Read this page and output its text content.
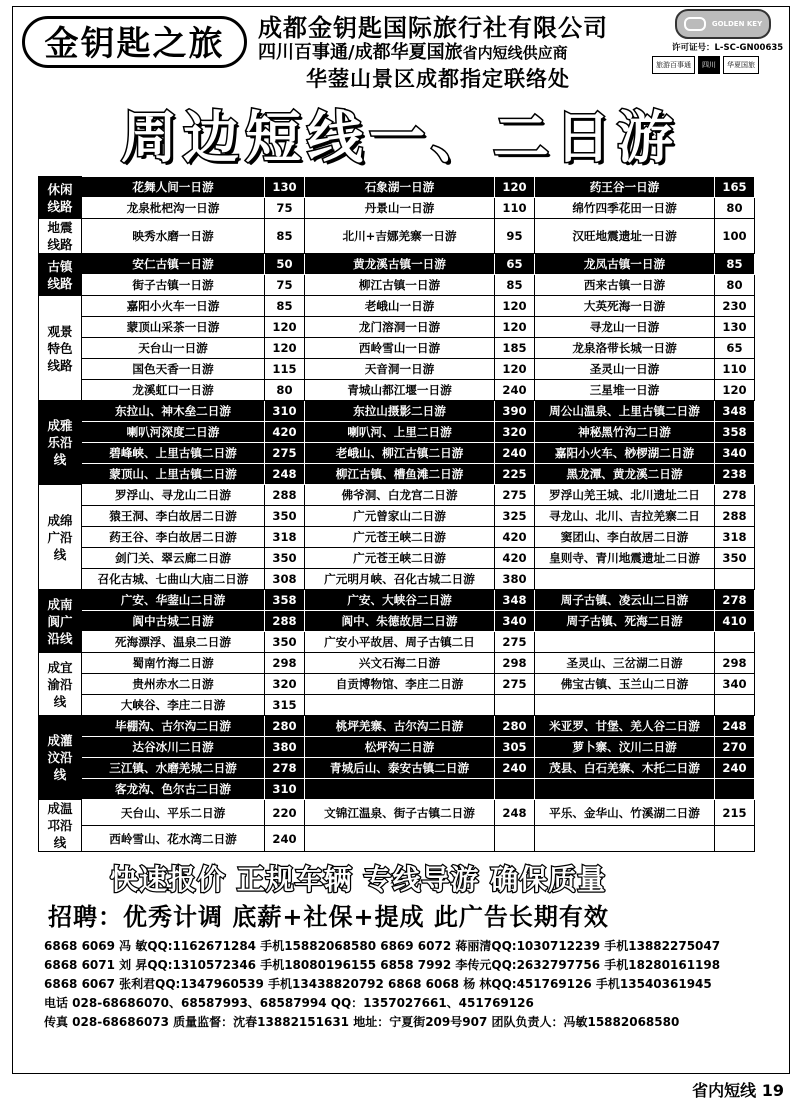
金钥匙之旅	成都金钥匙国际旅行社有限公司
四川百事通/成都华夏国旅省内短线供应商
华蓥山景区成都指定联络处
GOLDEN KEY
许可证号：L-SC-GN00635
旅游百事通	四川	华夏国旅
周边短线一、二日游
休闲线路	花舞人间一日游	130	石象湖一日游	120	药王谷一日游	165
	龙泉枇杷沟一日游	75	丹景山一日游	110	绵竹四季花田一日游	80
地震线路	映秀水磨一日游	85	北川+吉娜羌寨一日游	95	汉旺地震遗址一日游	100
古镇线路	安仁古镇一日游	50	黄龙溪古镇一日游	65	龙凤古镇一日游	85
	街子古镇一日游	75	柳江古镇一日游	85	西来古镇一日游	80
观景特色线路	嘉阳小火车一日游	85	老峨山一日游	120	大英死海一日游	230
	蒙顶山采茶一日游	120	龙门溶洞一日游	120	寻龙山一日游	130
	天台山一日游	120	西岭雪山一日游	185	龙泉洛带长城一日游	65
	国色天香一日游	115	天音洞一日游	120	圣灵山一日游	110
	龙溪虹口一日游	80	青城山都江堰一日游	240	三星堆一日游	120
成雅乐沿线	东拉山、神木垒二日游	310	东拉山摄影二日游	390	周公山温泉、上里古镇二日游	348
	喇叭河深度二日游	420	喇叭河、上里二日游	320	神秘黑竹沟二日游	358
	碧峰峡、上里古镇二日游	275	老峨山、柳江古镇二日游	240	嘉阳小火车、桫椤湖二日游	340
	蒙顶山、上里古镇二日游	248	柳江古镇、槽鱼滩二日游	225	黑龙潭、黄龙溪二日游	238
成绵广沿线	罗浮山、寻龙山二日游	288	佛爷洞、白龙宫二日游	275	罗浮山羌王城、北川遗址二日	278
	猿王洞、李白故居二日游	350	广元曾家山二日游	325	寻龙山、北川、吉拉羌寨二日	288
	药王谷、李白故居二日游	318	广元苍王峡二日游	420	窦团山、李白故居二日游	318
	剑门关、翠云廊二日游	350	广元苍王峡二日游	420	皇则寺、青川地震遗址二日游	350
	召化古城、七曲山大庙二日游	308	广元明月峡、召化古城二日游	380		
成南阆广沿线	广安、华蓥山二日游	358	广安、大峡谷二日游	348	周子古镇、凌云山二日游	278
	阆中古城二日游	288	阆中、朱德故居二日游	340	周子古镇、死海二日游	410
	死海漂浮、温泉二日游	350	广安小平故居、周子古镇二日	275		
成宜渝沿线	蜀南竹海二日游	298	兴文石海二日游	298	圣灵山、三岔湖二日游	298
	贵州赤水二日游	320	自贡博物馆、李庄二日游	275	佛宝古镇、玉兰山二日游	340
	大峡谷、李庄二日游	315				
成灌汶沿线	毕棚沟、古尔沟二日游	280	桃坪羌寨、古尔沟二日游	280	米亚罗、甘堡、羌人谷二日游	248
	达谷冰川二日游	380	松坪沟二日游	305	萝卜寨、汶川二日游	270
	三江镇、水磨羌城二日游	278	青城后山、泰安古镇二日游	240	茂县、白石羌寨、木托二日游	240
	客龙沟、色尔古二日游	310				
成温邛沿线	天台山、平乐二日游	220	文锦江温泉、街子古镇二日游	248	平乐、金华山、竹溪湖二日游	215
	西岭雪山、花水湾二日游	240				
快速报价 正规车辆 专线导游 确保质量
招聘：优秀计调 底薪+社保+提成 此广告长期有效
6868 6069 冯 敏QQ:1162671284 手机15882068580 6869 6072 蒋丽清QQ:1030712239 手机13882275047
6868 6071 刘 昇QQ:1310572346 手机18080196155 6858 7992 李传元QQ:2632797756 手机18280161198
6868 6067 张利君QQ:1347960539 手机13438820792 6868 6068 杨 林QQ:451769126 手机13540361945
电话 028-68686070、68587993、68587994 QQ：1357027661、451769126
传真 028-68686073 质量监督：沈春13882151631 地址：宁夏街209号907 团队负责人：冯敏15882068580
省内短线 19
